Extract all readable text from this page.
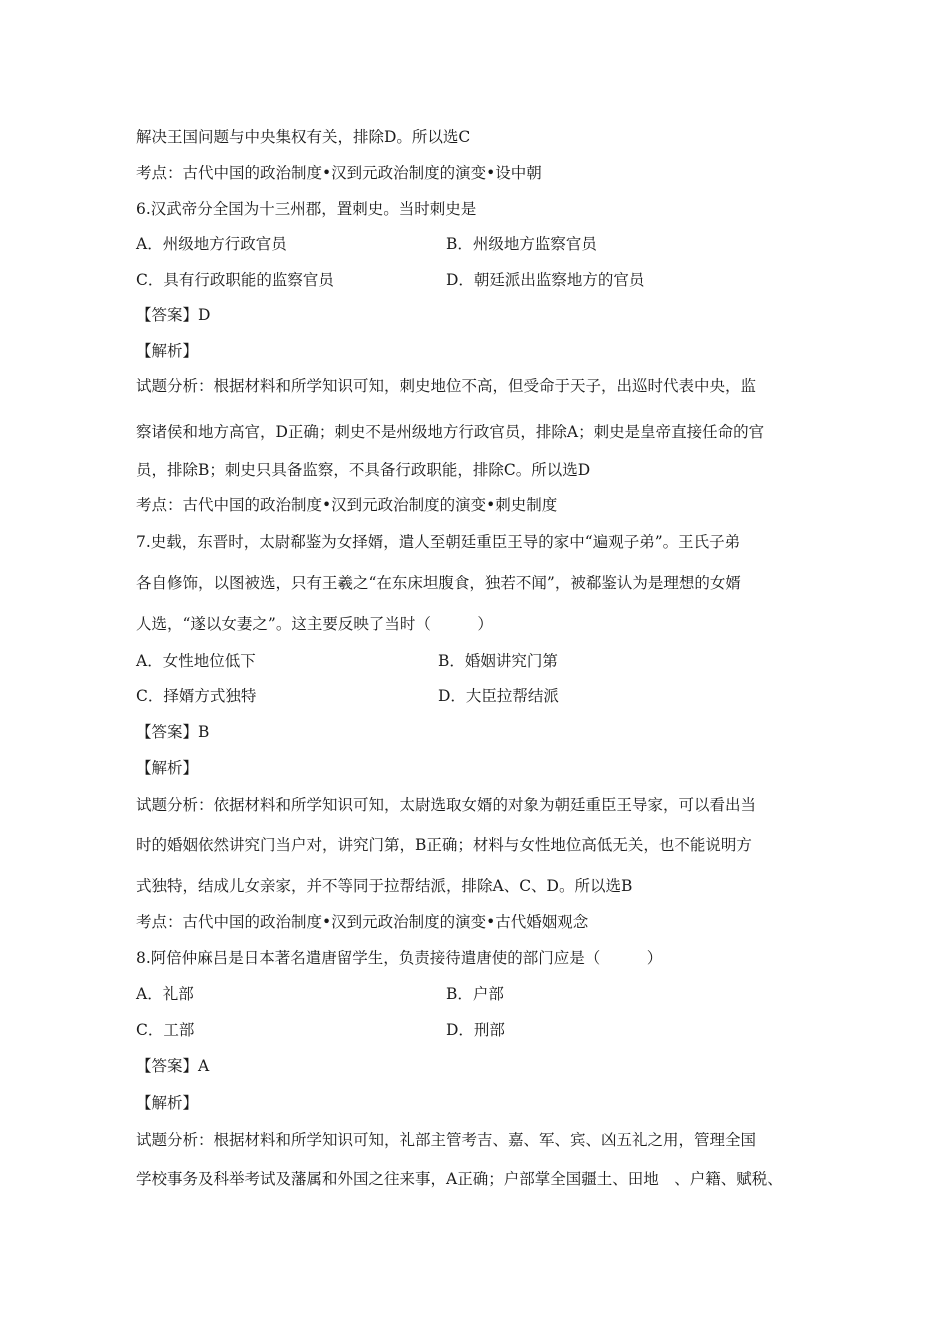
解决王国问题与中央集权有关，排除D。所以选C
考点：古代中国的政治制度•汉到元政治制度的演变•设中朝
6.汉武帝分全国为十三州郡，置刺史。当时刺史是
A．州级地方行政官员	B．州级地方监察官员
C．具有行政职能的监察官员	D．朝廷派出监察地方的官员
【答案】D
【解析】
试题分析：根据材料和所学知识可知，刺史地位不高，但受命于天子，出巡时代表中央，监
察诸侯和地方高官，D正确；刺史不是州级地方行政官员，排除A；刺史是皇帝直接任命的官
员，排除B；刺史只具备监察，不具备行政职能，排除C。所以选D
考点：古代中国的政治制度•汉到元政治制度的演变•刺史制度
7.史载，东晋时，太尉郗鉴为女择婿，遣人至朝廷重臣王导的家中“遍观子弟”。王氏子弟
各自修饰，以图被选，只有王羲之“在东床坦腹食，独若不闻”，被郗鉴认为是理想的女婿
人选，“遂以女妻之”。这主要反映了当时（　　　）
A．女性地位低下	B．婚姻讲究门第
C．择婿方式独特	D．大臣拉帮结派
【答案】B
【解析】
试题分析：依据材料和所学知识可知，太尉选取女婿的对象为朝廷重臣王导家，可以看出当
时的婚姻依然讲究门当户对，讲究门第，B正确；材料与女性地位高低无关，也不能说明方
式独特，结成儿女亲家，并不等同于拉帮结派，排除A、C、D。所以选B
考点：古代中国的政治制度•汉到元政治制度的演变•古代婚姻观念
8.阿倍仲麻吕是日本著名遣唐留学生，负责接待遣唐使的部门应是（　　　）
A．礼部	B．户部
C．工部	D．刑部
【答案】A
【解析】
试题分析：根据材料和所学知识可知，礼部主管考吉、嘉、军、宾、凶五礼之用，管理全国
学校事务及科举考试及藩属和外国之往来事，A正确；户部掌全国疆土、田地　、户籍、赋税、
